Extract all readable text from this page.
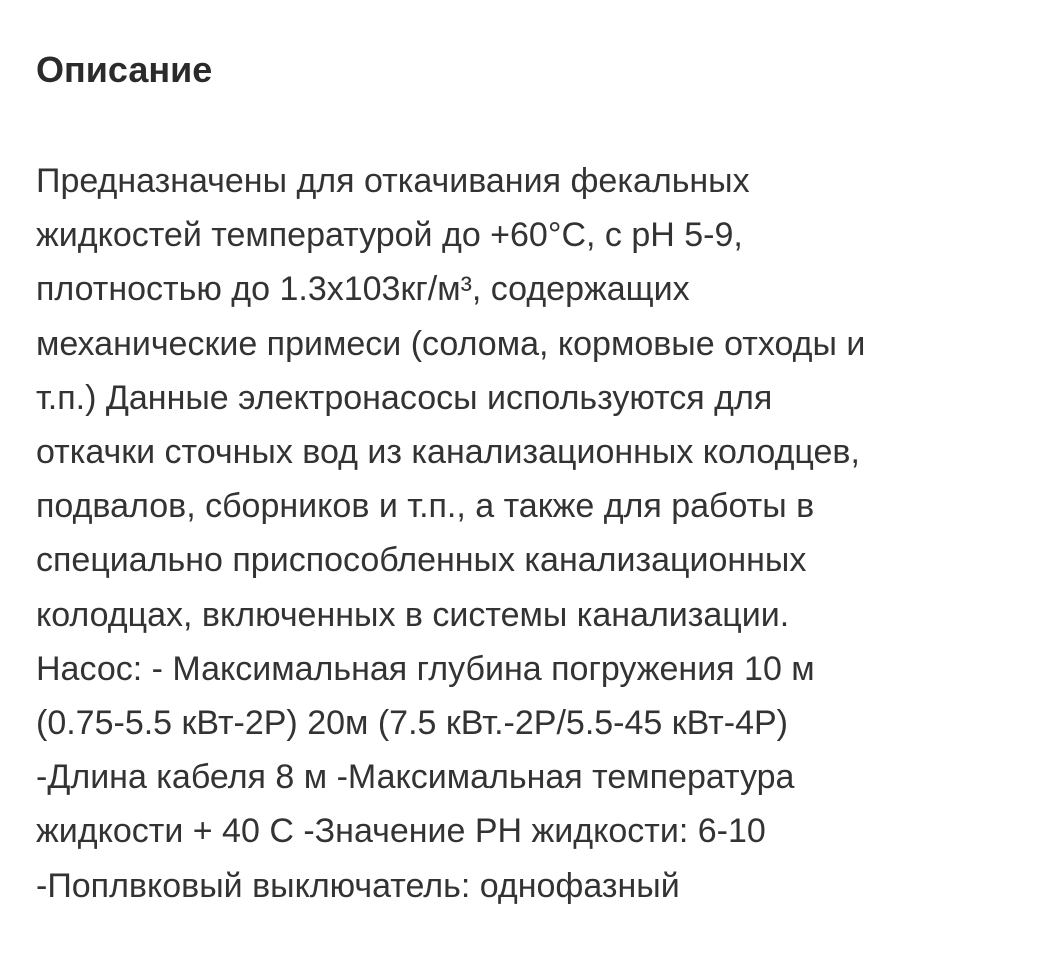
Описание
Предназначены для откачивания фекальных
жидкостей температурой до +60°C, с pH 5-9,
плотностью до 1.3х103кг/м³, содержащих
механические примеси (солома, кормовые отходы и
т.п.) Данные электронасосы используются для
откачки сточных вод из канализационных колодцев,
подвалов, сборников и т.п., а также для работы в
специально приспособленных канализационных
колодцах, включенных в системы канализации.
Насос: - Максимальная глубина погружения 10 м
(0.75-5.5 кВт-2P) 20м (7.5 кВт.-2P/5.5-45 кВт-4P)
-Длина кабеля 8 м -Максимальная температура
жидкости + 40 С -Значение PH жидкости: 6-10
-Поплвковый выключатель: однофазный
